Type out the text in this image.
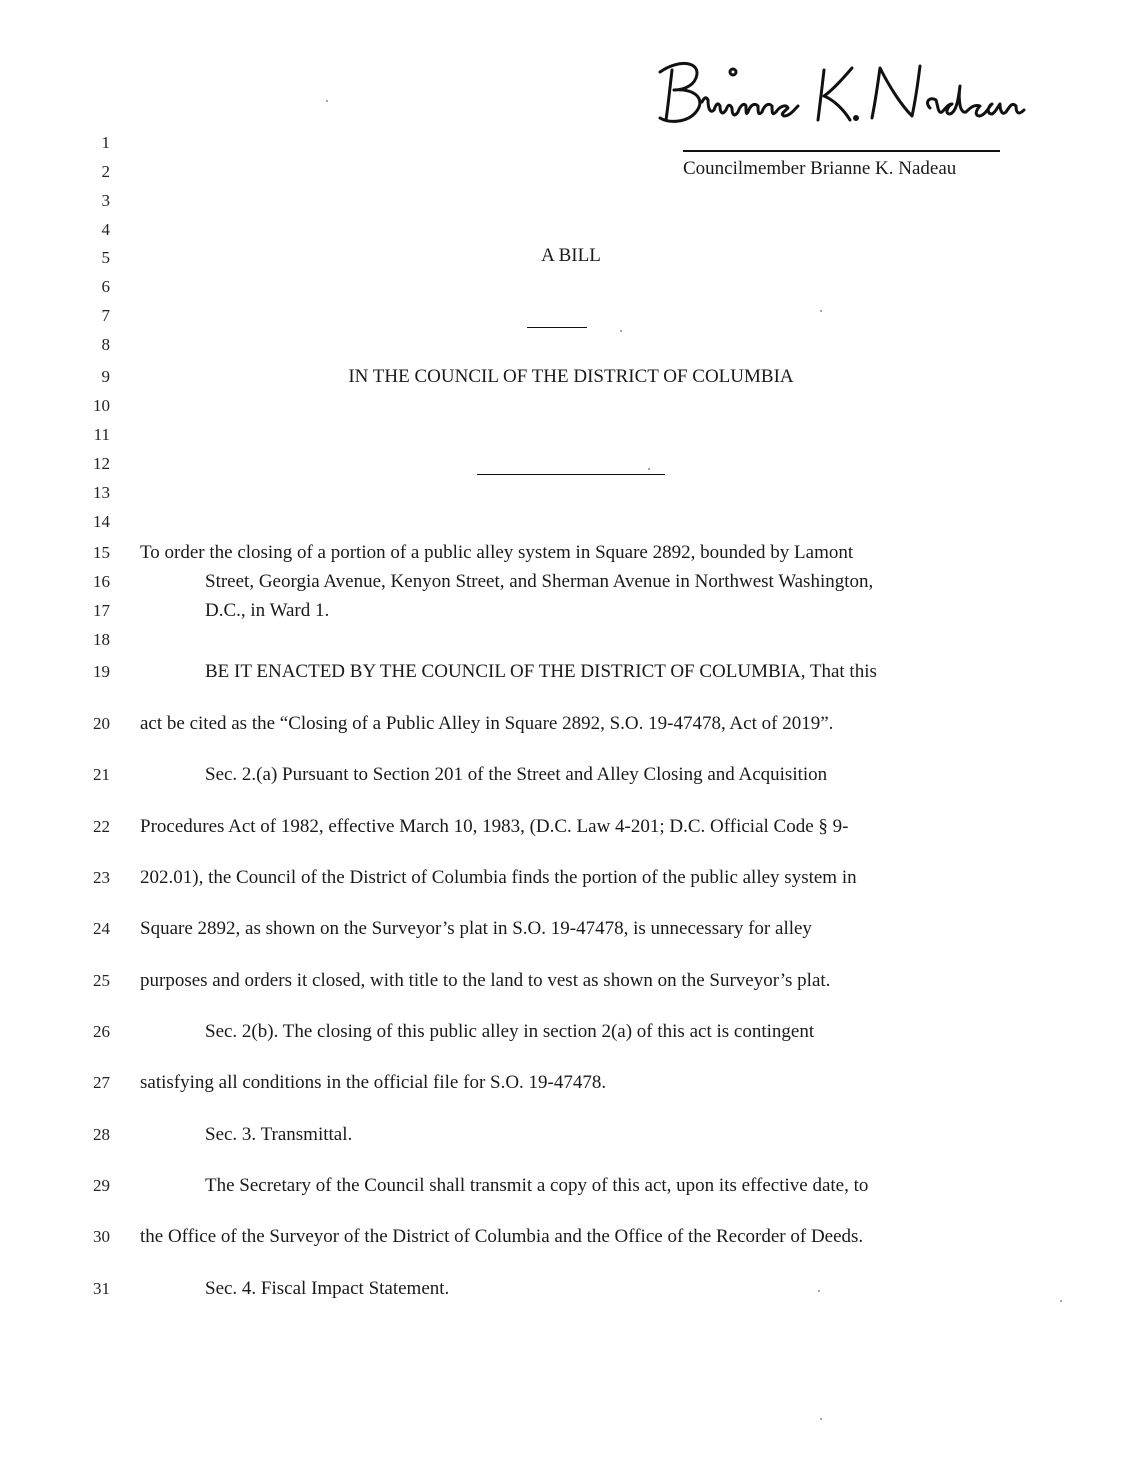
Brianne K. Nadeau
Councilmember Brianne K. Nadeau
A BILL
IN THE COUNCIL OF THE DISTRICT OF COLUMBIA
1
2
3
4
5
6
7
8
9
10
11
12
13
14
15
16
17
18
19
20
21
22
23
24
25
26
27
28
29
30
31
To order the closing of a portion of a public alley system in Square 2892, bounded by Lamont
Street, Georgia Avenue, Kenyon Street, and Sherman Avenue in Northwest Washington,
D.C., in Ward 1.
BE IT ENACTED BY THE COUNCIL OF THE DISTRICT OF COLUMBIA, That this
act be cited as the “Closing of a Public Alley in Square 2892, S.O. 19-47478, Act of 2019”.
Sec. 2.(a) Pursuant to Section 201 of the Street and Alley Closing and Acquisition
Procedures Act of 1982, effective March 10, 1983, (D.C. Law 4-201; D.C. Official Code § 9-
202.01), the Council of the District of Columbia finds the portion of the public alley system in
Square 2892, as shown on the Surveyor’s plat in S.O. 19-47478, is unnecessary for alley
purposes and orders it closed, with title to the land to vest as shown on the Surveyor’s plat.
Sec. 2(b). The closing of this public alley in section 2(a) of this act is contingent
satisfying all conditions in the official file for S.O. 19-47478.
Sec. 3. Transmittal.
The Secretary of the Council shall transmit a copy of this act, upon its effective date, to
the Office of the Surveyor of the District of Columbia and the Office of the Recorder of Deeds.
Sec. 4. Fiscal Impact Statement.
